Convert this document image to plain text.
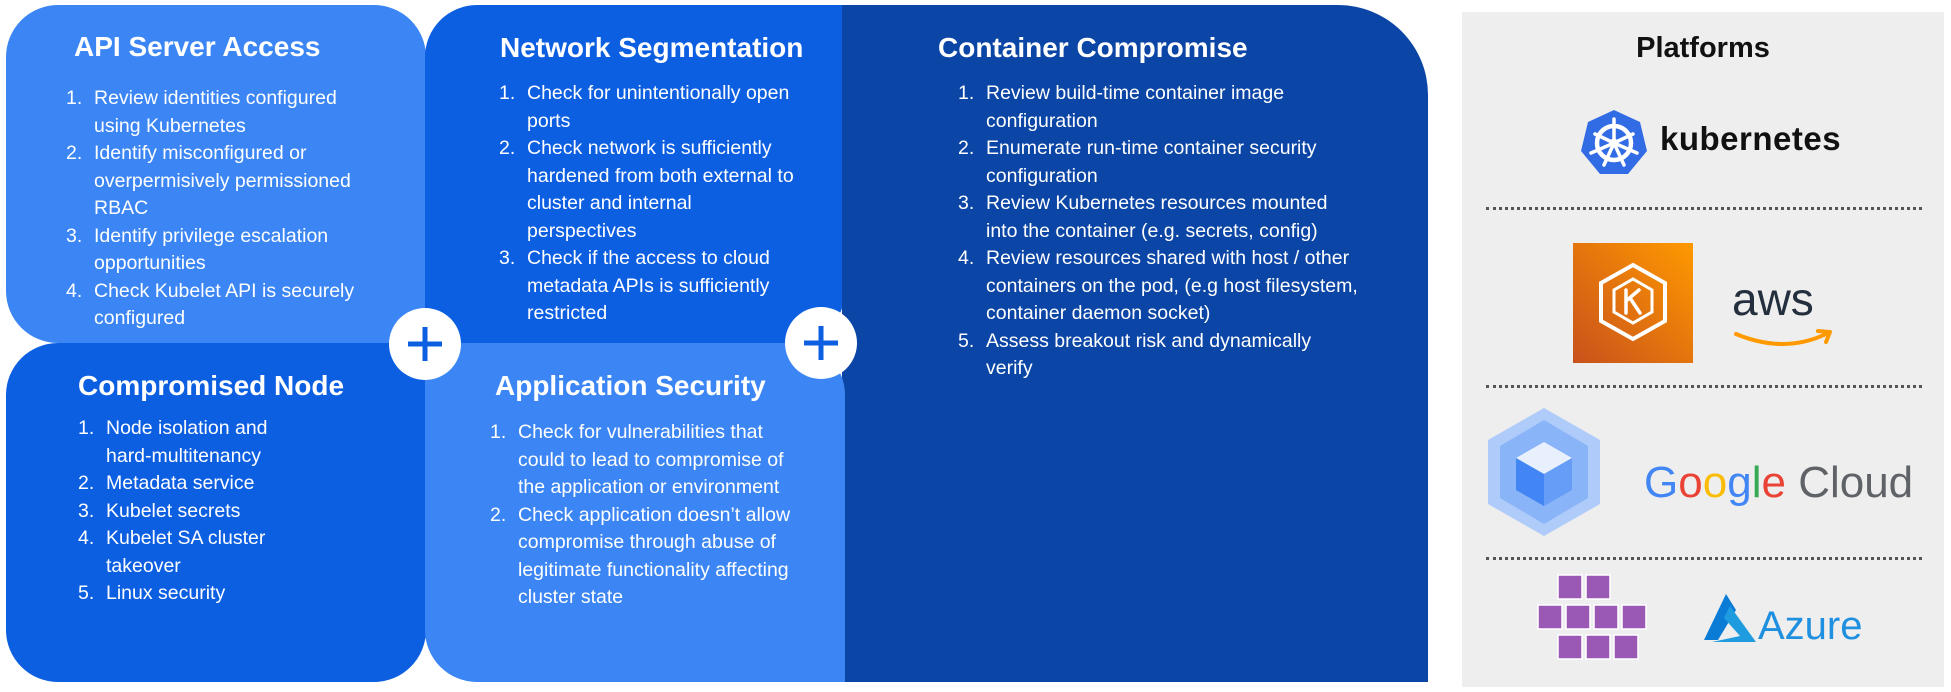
API Server Access
1. Review identities configured using Kubernetes
2. Identify misconfigured or overpermisively permissioned RBAC
3. Identify privilege escalation opportunities
4. Check Kubelet API is securely configured
Network Segmentation
1. Check for unintentionally open ports
2. Check network is sufficiently hardened from both external to cluster and internal perspectives
3. Check if the access to cloud metadata APIs is sufficiently restricted
Container Compromise
1. Review build-time container image configuration
2. Enumerate run-time container security configuration
3. Review Kubernetes resources mounted into the container (e.g. secrets, config)
4. Review resources shared with host / other containers on the pod, (e.g host filesystem, container daemon socket)
5. Assess breakout risk and dynamically verify
Compromised Node
1. Node isolation and hard-multitenancy
2. Metadata service
3. Kubelet secrets
4. Kubelet SA cluster takeover
5. Linux security
Application Security
1. Check for vulnerabilities that could to lead to compromise of the application or environment
2. Check application doesn’t allow compromise through abuse of legitimate functionality affecting cluster state
Platforms
kubernetes
aws
Google Cloud
Azure
